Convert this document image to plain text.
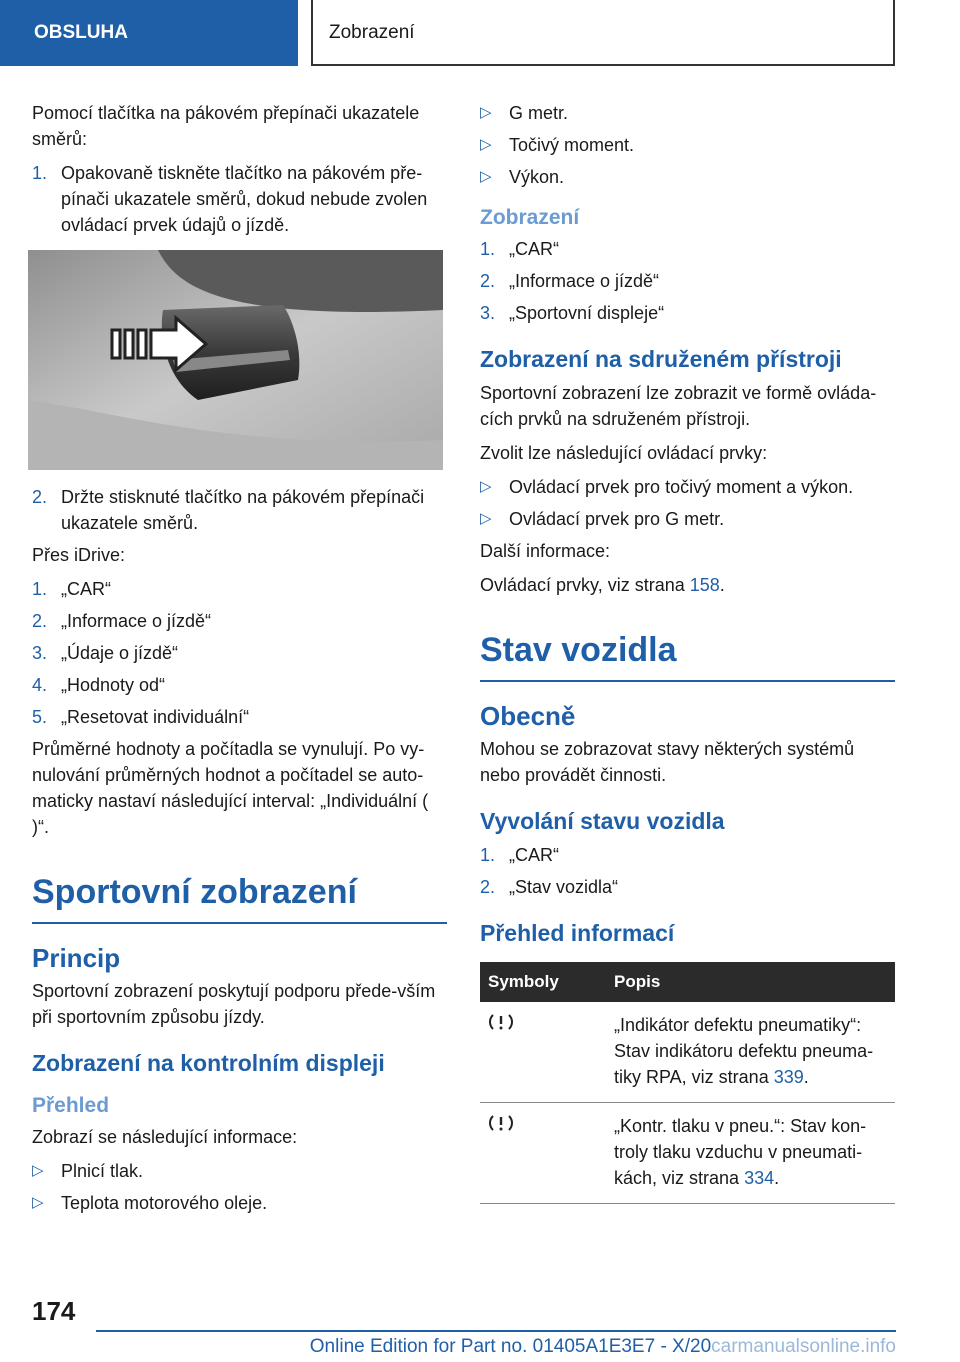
OBSLUHA	Zobrazení

Pomocí tlačítka na pákovém přepínači ukazatele směrů:

1. Opakovaně tiskněte tlačítko na pákovém pře-pínači ukazatele směrů, dokud nebude zvolen ovládací prvek údajů o jízdě.
2. Držte stisknuté tlačítko na pákovém přepínači ukazatele směrů.

Přes iDrive:

1. „CAR“
2. „Informace o jízdě“
3. „Údaje o jízdě“
4. „Hodnoty od“
5. „Resetovat individuální“

Průměrné hodnoty a počítadla se vynulují. Po vy-nulování průměrných hodnot a počítadel se auto-maticky nastaví následující interval: „Individuální ( )“.

Sportovní zobrazení
Princip

Sportovní zobrazení poskytují podporu přede-vším při sportovním způsobu jízdy.

Zobrazení na kontrolním displeji
Přehled

Zobrazí se následující informace:

▷ Plnicí tlak.
▷ Teplota motorového oleje.
▷ G metr.
▷ Točivý moment.
▷ Výkon.
Zobrazení
1. „CAR“
2. „Informace o jízdě“
3. „Sportovní displeje“
Zobrazení na sdruženém přístroji

Sportovní zobrazení lze zobrazit ve formě ovláda-cích prvků na sdruženém přístroji.

Zvolit lze následující ovládací prvky:

▷ Ovládací prvek pro točivý moment a výkon.
▷ Ovládací prvek pro G metr.

Další informace:

Ovládací prvky, viz strana 158.

Stav vozidla
Obecně

Mohou se zobrazovat stavy některých systémů nebo provádět činnosti.

Vyvolání stavu vozidla
1. „CAR“
2. „Stav vozidla“
Přehled informací
Symboly	Popis
	„Indikátor defektu pneumatiky“: Stav indikátoru defektu pneuma-tiky RPA, viz strana 339.
	„Kontr. tlaku v pneu.“: Stav kon-troly tlaku vzduchu v pneumati-kách, viz strana 334.
174
Online Edition for Part no. 01405A1E3E7 - X/20carmanualsonline.info
